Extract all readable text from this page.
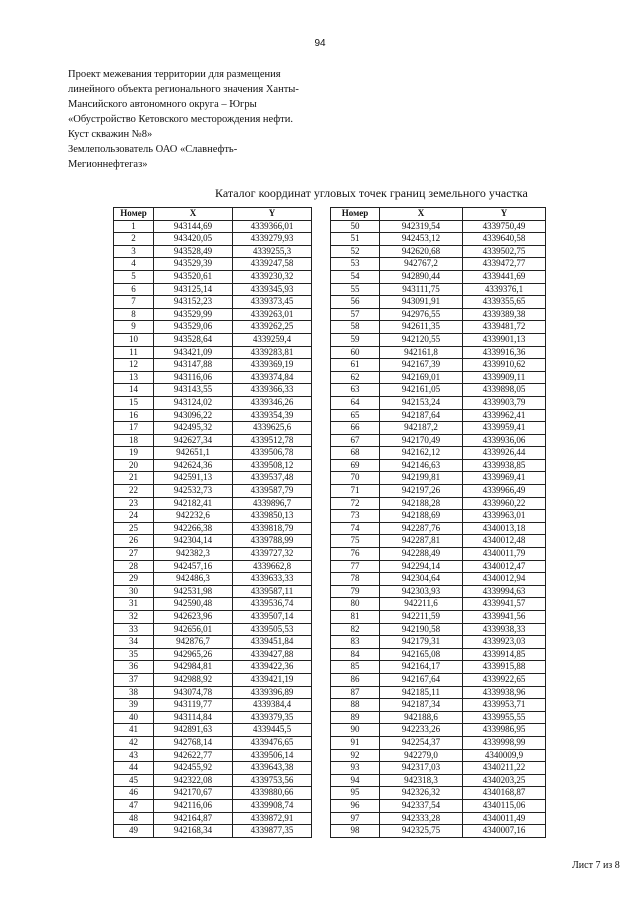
94
Проект межевания территории для размещения
линейного объекта регионального значения Ханты-
Мансийского автономного округа – Югры
«Обустройство Кетовского месторождения нефти.
Куст скважин №8»
Землепользователь ОАО «Славнефть-
Мегионнефтегаз»
Каталог координат угловых точек границ земельного участка
Номер	X	Y
1	943144,69	4339366,01
2	943420,05	4339279,93
3	943528,49	4339255,3
4	943529,39	4339247,58
5	943520,61	4339230,32
6	943125,14	4339345,93
7	943152,23	4339373,45
8	943529,99	4339263,01
9	943529,06	4339262,25
10	943528,64	4339259,4
11	943421,09	4339283,81
12	943147,88	4339369,19
13	943116,06	4339374,84
14	943143,55	4339366,33
15	943124,02	4339346,26
16	943096,22	4339354,39
17	942495,32	4339625,6
18	942627,34	4339512,78
19	942651,1	4339506,78
20	942624,36	4339508,12
21	942591,13	4339537,48
22	942532,73	4339587,79
23	942182,41	4339896,7
24	942232,6	4339850,13
25	942266,38	4339818,79
26	942304,14	4339788,99
27	942382,3	4339727,32
28	942457,16	4339662,8
29	942486,3	4339633,33
30	942531,98	4339587,11
31	942590,48	4339536,74
32	942623,96	4339507,14
33	942656,01	4339505,53
34	942876,7	4339451,84
35	942965,26	4339427,88
36	942984,81	4339422,36
37	942988,92	4339421,19
38	943074,78	4339396,89
39	943119,77	4339384,4
40	943114,84	4339379,35
41	942891,63	4339445,5
42	942768,14	4339476,65
43	942622,77	4339506,14
44	942455,92	4339643,38
45	942322,08	4339753,56
46	942170,67	4339880,66
47	942116,06	4339908,74
48	942164,87	4339872,91
49	942168,34	4339877,35
Номер	X	Y
50	942319,54	4339750,49
51	942453,12	4339640,58
52	942620,68	4339502,75
53	942767,2	4339472,77
54	942890,44	4339441,69
55	943111,75	4339376,1
56	943091,91	4339355,65
57	942976,55	4339389,38
58	942611,35	4339481,72
59	942120,55	4339901,13
60	942161,8	4339916,36
61	942167,39	4339910,62
62	942169,01	4339909,11
63	942161,05	4339898,05
64	942153,24	4339903,79
65	942187,64	4339962,41
66	942187,2	4339959,41
67	942170,49	4339936,06
68	942162,12	4339926,44
69	942146,63	4339938,85
70	942199,81	4339969,41
71	942197,26	4339966,49
72	942188,28	4339960,22
73	942188,69	4339963,01
74	942287,76	4340013,18
75	942287,81	4340012,48
76	942288,49	4340011,79
77	942294,14	4340012,47
78	942304,64	4340012,94
79	942303,93	4339994,63
80	942211,6	4339941,57
81	942211,59	4339941,56
82	942190,58	4339938,33
83	942179,31	4339923,03
84	942165,08	4339914,85
85	942164,17	4339915,88
86	942167,64	4339922,65
87	942185,11	4339938,96
88	942187,34	4339953,71
89	942188,6	4339955,55
90	942233,26	4339986,95
91	942254,37	4339998,99
92	942279,0	4340009,9
93	942317,03	4340211,22
94	942318,3	4340203,25
95	942326,32	4340168,87
96	942337,54	4340115,06
97	942333,28	4340011,49
98	942325,75	4340007,16
Лист 7 из 8
